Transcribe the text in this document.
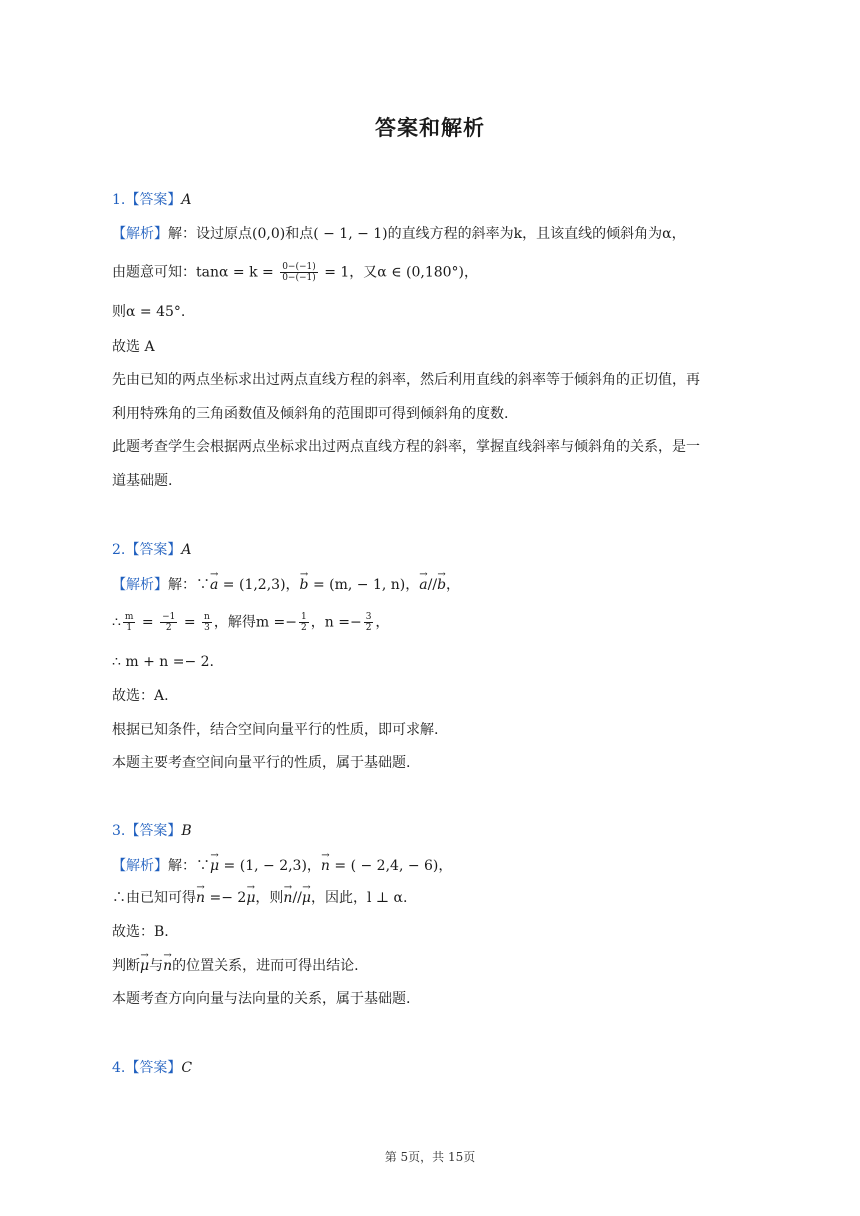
答案和解析
1.【答案】A
【解析】解：设过原点(0,0)和点( − 1, − 1)的直线方程的斜率为k，且该直线的倾斜角为α，
由题意可知：$\tan\alpha = k = \frac{0-(-1)}{0-(-1)} = 1$，又α ∈ (0,180°)，
则α = 45°.
故选 A
先由已知的两点坐标求出过两点直线方程的斜率，然后利用直线的斜率等于倾斜角的正切值，再
利用特殊角的三角函数值及倾斜角的范围即可得到倾斜角的度数.
此题考查学生会根据两点坐标求出过两点直线方程的斜率，掌握直线斜率与倾斜角的关系，是一
道基础题.
2.【答案】A
【解析】解：∵→ a = (1,2,3)，→ b = (m, − 1, n)，→ a//→ b，
∴ $\frac{m}{1} = \frac{-1}{2} = \frac{n}{3}$ ，解得$m =- \frac{1}{2}$ ，$n =- \frac{3}{2}$ ，
∴ m + n =− 2.
故选：A.
根据已知条件，结合空间向量平行的性质，即可求解.
本题主要考查空间向量平行的性质，属于基础题.
3.【答案】B
【解析】解：∵→ μ = (1, − 2,3)，→ n = ( − 2,4, − 6)，
∴由已知可得→ n =− 2→ μ，则→ n//→ μ，因此，l ⊥ α.
故选：B.
判断→ μ与→ n的位置关系，进而可得出结论.
本题考查方向向量与法向量的关系，属于基础题.
4.【答案】C
第 5页，共 15页
